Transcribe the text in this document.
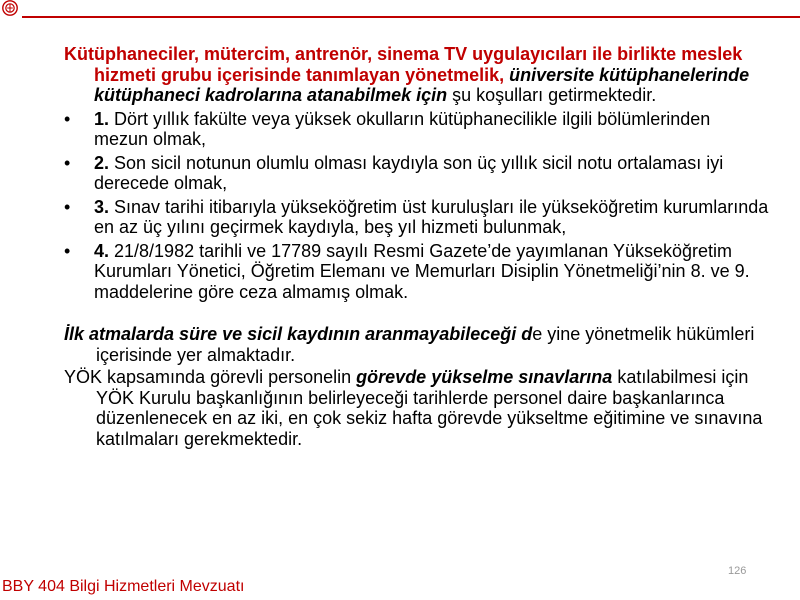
Kütüphaneciler, mütercim, antrenör, sinema TV uygulayıcıları ile birlikte meslek hizmeti grubu içerisinde tanımlayan yönetmelik, üniversite kütüphanelerinde kütüphaneci kadrolarına atanabilmek için şu koşulları getirmektedir.

•	1. Dört yıllık fakülte veya yüksek okulların kütüphanecilikle ilgili bölümlerinden mezun olmak,
•	2. Son sicil notunun olumlu olması kaydıyla son üç yıllık sicil notu ortalaması iyi derecede olmak,
•	3. Sınav tarihi itibarıyla yükseköğretim üst kuruluşları ile yükseköğretim kurumlarında en az üç yılını geçirmek kaydıyla, beş yıl hizmeti bulunmak,
•	4. 21/8/1982 tarihli ve 17789 sayılı Resmi Gazete’de yayımlanan Yükseköğretim Kurumları Yönetici, Öğretim Elemanı ve Memurları Disiplin Yönetmeliği’nin 8. ve 9. maddelerine göre ceza almamış olmak.

İlk atmalarda süre ve sicil kaydının aranmayabileceği de yine yönetmelik hükümleri içerisinde yer almaktadır.

YÖK kapsamında görevli personelin görevde yükselme sınavlarına katılabilmesi için YÖK Kurulu başkanlığının belirleyeceği tarihlerde personel daire başkanlarınca düzenlenecek en az iki, en çok sekiz hafta görevde yükseltme eğitimine ve sınavına katılmaları gerekmektedir.

126
BBY 404 Bilgi Hizmetleri Mevzuatı
